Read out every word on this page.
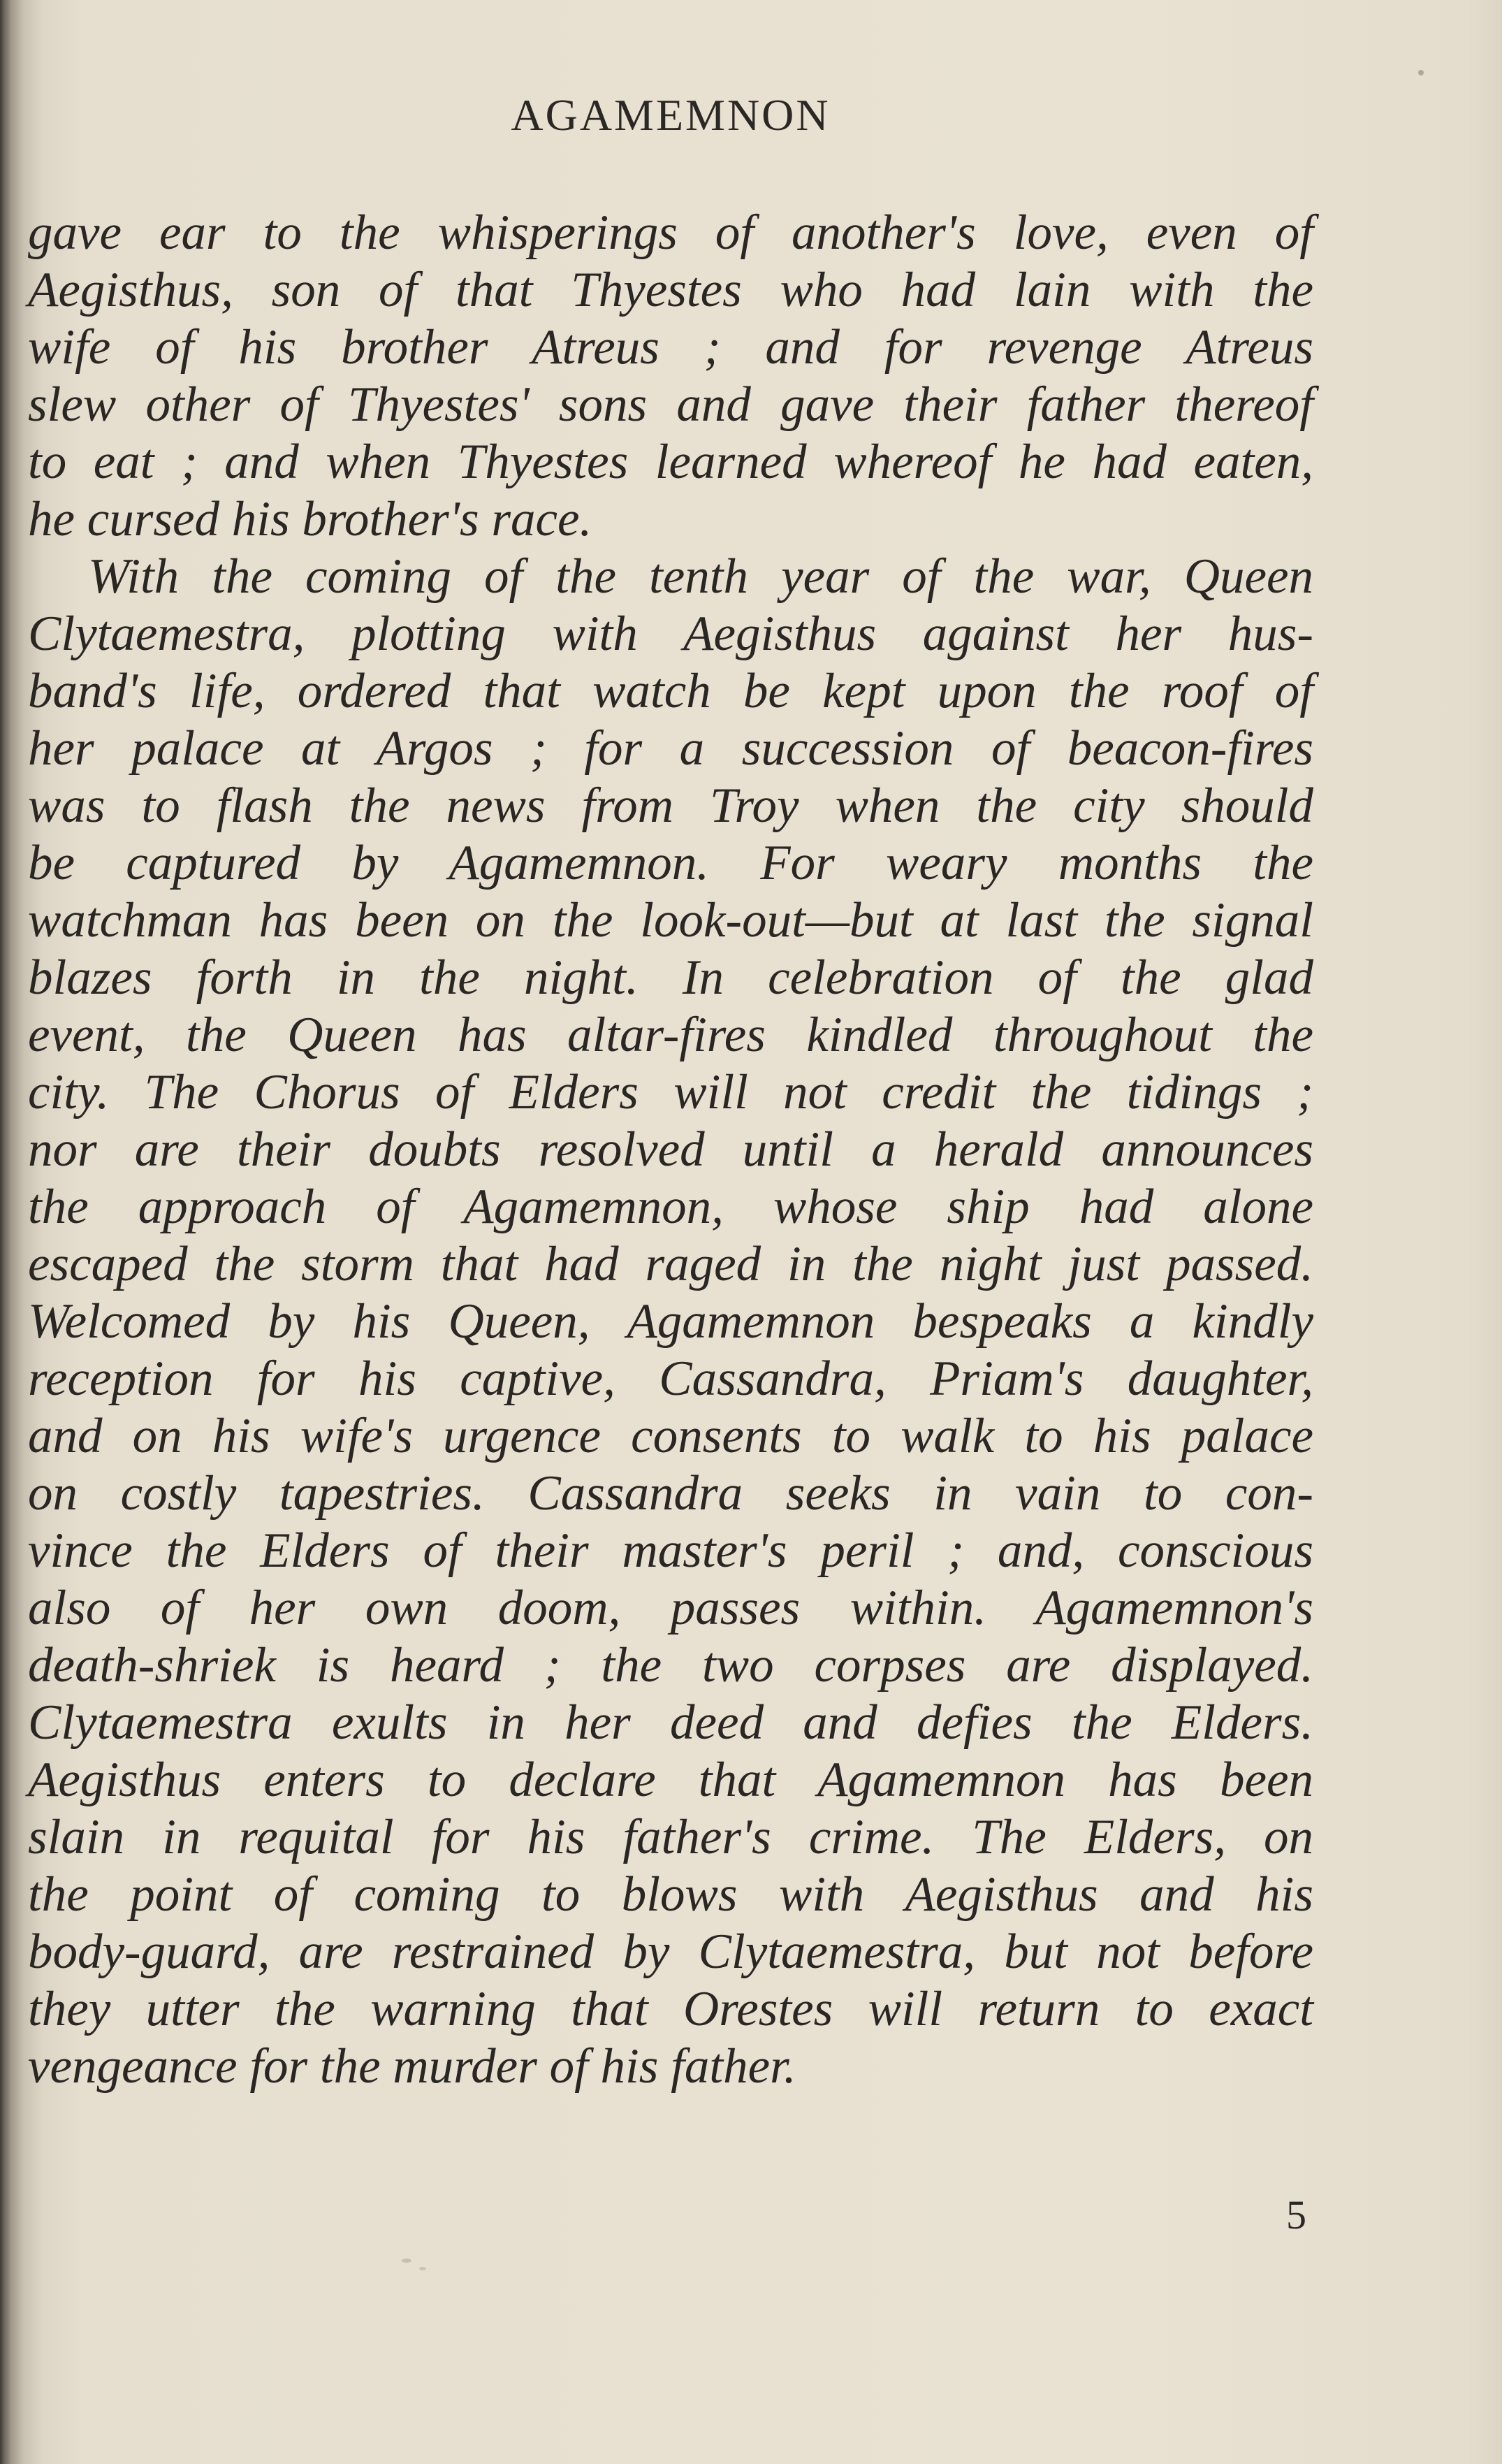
AGAMEMNON
gave ear to the whisperings of another's love, even of
Aegisthus, son of that Thyestes who had lain with the
wife of his brother Atreus ; and for revenge Atreus
slew other of Thyestes' sons and gave their father thereof
to eat ; and when Thyestes learned whereof he had eaten,
he cursed his brother's race.
With the coming of the tenth year of the war, Queen
Clytaemestra, plotting with Aegisthus against her hus-
band's life, ordered that watch be kept upon the roof of
her palace at Argos ; for a succession of beacon-fires
was to flash the news from Troy when the city should
be captured by Agamemnon. For weary months the
watchman has been on the look-out—but at last the signal
blazes forth in the night. In celebration of the glad
event, the Queen has altar-fires kindled throughout the
city. The Chorus of Elders will not credit the tidings ;
nor are their doubts resolved until a herald announces
the approach of Agamemnon, whose ship had alone
escaped the storm that had raged in the night just passed.
Welcomed by his Queen, Agamemnon bespeaks a kindly
reception for his captive, Cassandra, Priam's daughter,
and on his wife's urgence consents to walk to his palace
on costly tapestries. Cassandra seeks in vain to con-
vince the Elders of their master's peril ; and, conscious
also of her own doom, passes within. Agamemnon's
death-shriek is heard ; the two corpses are displayed.
Clytaemestra exults in her deed and defies the Elders.
Aegisthus enters to declare that Agamemnon has been
slain in requital for his father's crime. The Elders, on
the point of coming to blows with Aegisthus and his
body-guard, are restrained by Clytaemestra, but not before
they utter the warning that Orestes will return to exact
vengeance for the murder of his father.
5
